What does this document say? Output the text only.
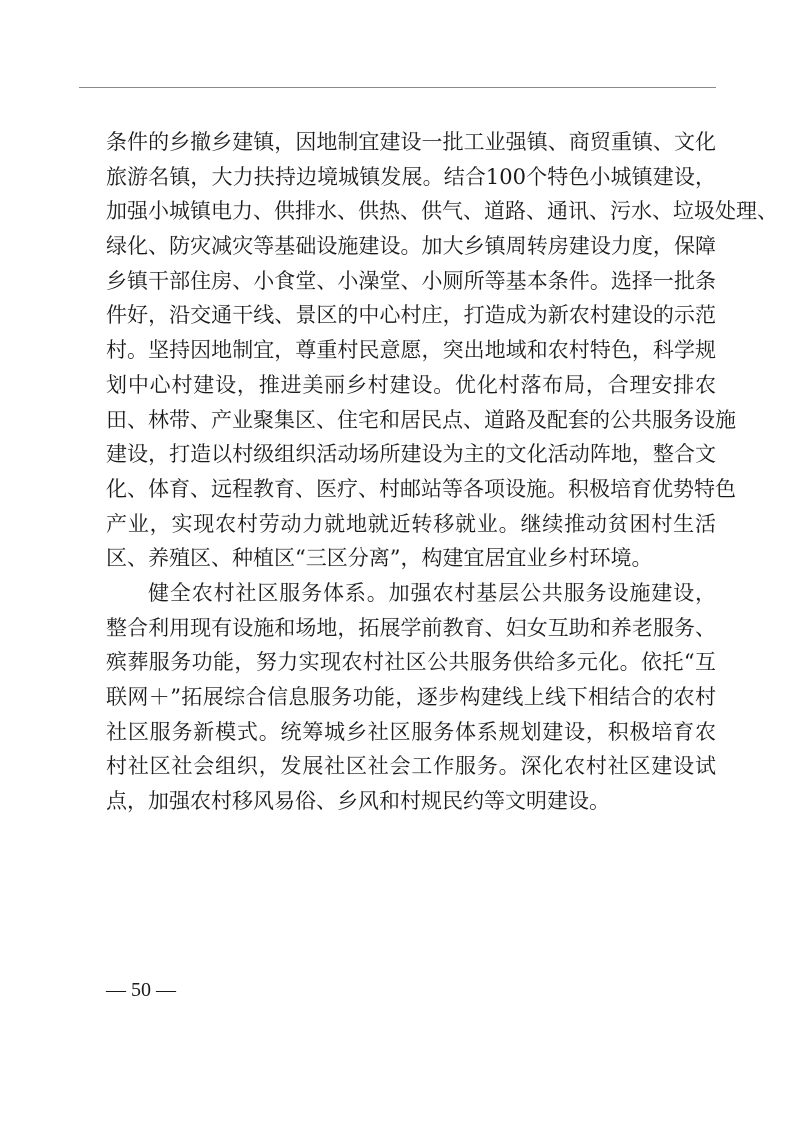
条件的乡撤乡建镇，因地制宜建设一批工业强镇、商贸重镇、文化
旅游名镇，大力扶持边境城镇发展。结合100个特色小城镇建设，
加强小城镇电力、供排水、供热、供气、道路、通讯、污水、垃圾处理、
绿化、防灾减灾等基础设施建设。加大乡镇周转房建设力度，保障
乡镇干部住房、小食堂、小澡堂、小厕所等基本条件。选择一批条
件好，沿交通干线、景区的中心村庄，打造成为新农村建设的示范
村。坚持因地制宜，尊重村民意愿，突出地域和农村特色，科学规
划中心村建设，推进美丽乡村建设。优化村落布局，合理安排农
田、林带、产业聚集区、住宅和居民点、道路及配套的公共服务设施
建设，打造以村级组织活动场所建设为主的文化活动阵地，整合文
化、体育、远程教育、医疗、村邮站等各项设施。积极培育优势特色
产业，实现农村劳动力就地就近转移就业。继续推动贫困村生活
区、养殖区、种植区“三区分离”，构建宜居宜业乡村环境。
健全农村社区服务体系。加强农村基层公共服务设施建设，
整合利用现有设施和场地，拓展学前教育、妇女互助和养老服务、
殡葬服务功能，努力实现农村社区公共服务供给多元化。依托“互
联网＋”拓展综合信息服务功能，逐步构建线上线下相结合的农村
社区服务新模式。统筹城乡社区服务体系规划建设，积极培育农
村社区社会组织，发展社区社会工作服务。深化农村社区建设试
点，加强农村移风易俗、乡风和村规民约等文明建设。
— 50 —
